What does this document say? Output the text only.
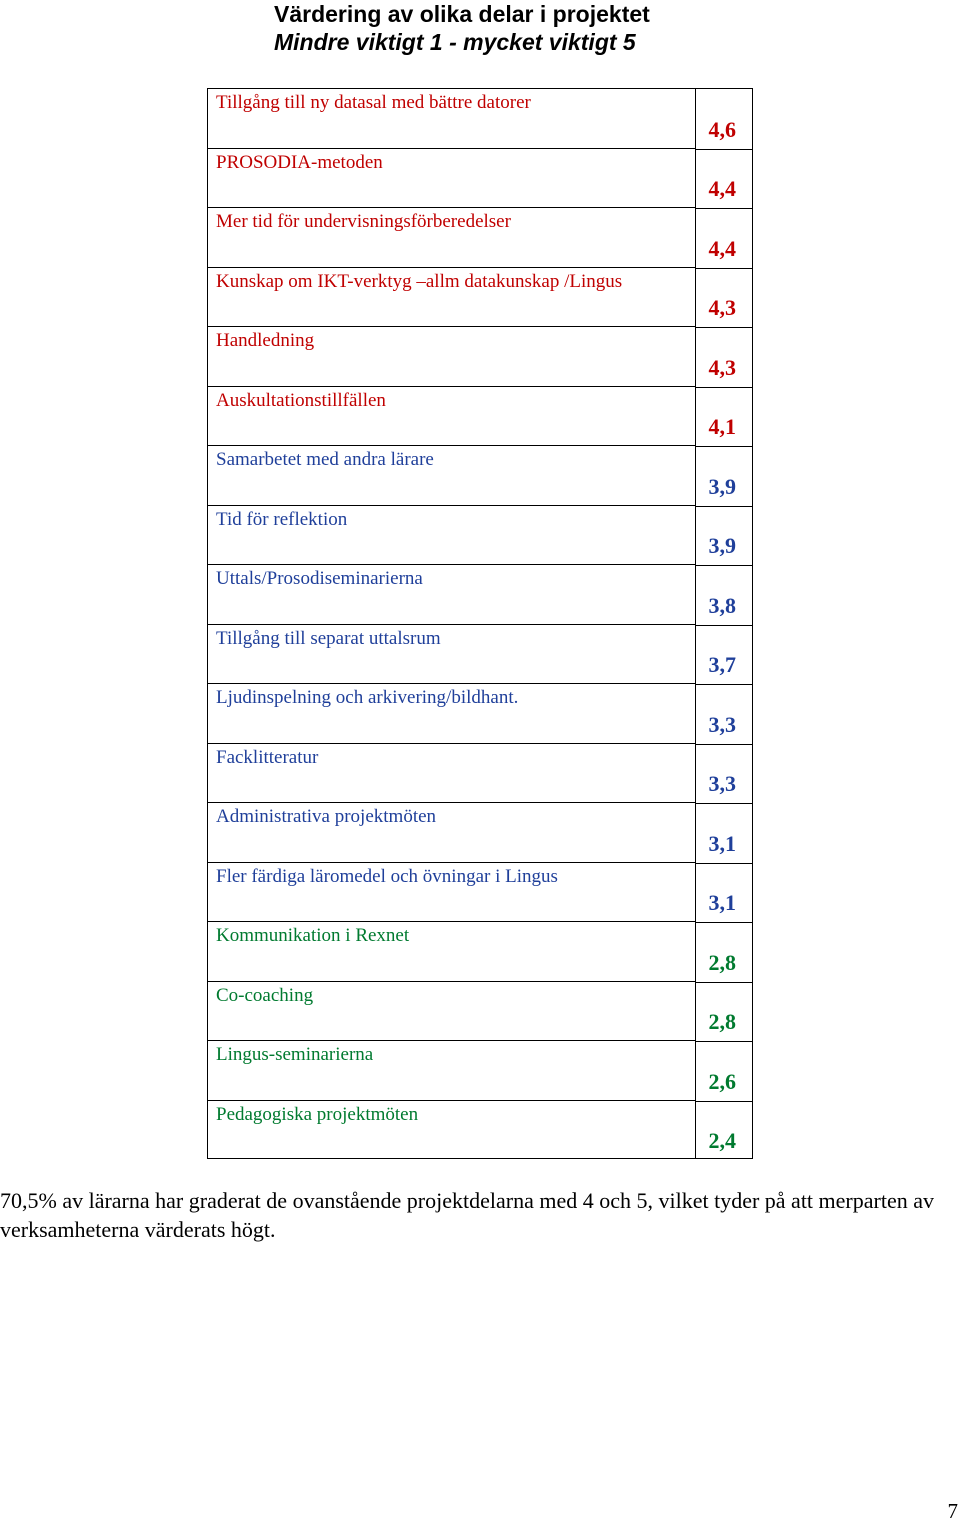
Värdering av olika delar i projektet
Mindre viktigt 1 - mycket viktigt 5
Tillgång till ny datasal med bättre datorer
PROSODIA-metoden
Mer tid för undervisningsförberedelser
Kunskap om IKT-verktyg –allm datakunskap /Lingus
Handledning
Auskultationstillfällen
Samarbetet med andra lärare
Tid för reflektion
Uttals/Prosodiseminarierna
Tillgång till separat uttalsrum
Ljudinspelning och arkivering/bildhant.
Facklitteratur
Administrativa projektmöten
Fler färdiga läromedel och övningar i Lingus
Kommunikation i Rexnet
Co-coaching
Lingus-seminarierna
Pedagogiska projektmöten
4,6
4,4
4,4
4,3
4,3
4,1
3,9
3,9
3,8
3,7
3,3
3,3
3,1
3,1
2,8
2,8
2,6
2,4
70,5% av lärarna har graderat de ovanstående projektdelarna med 4 och 5, vilket tyder på att merparten av verksamheterna värderats högt.
7
